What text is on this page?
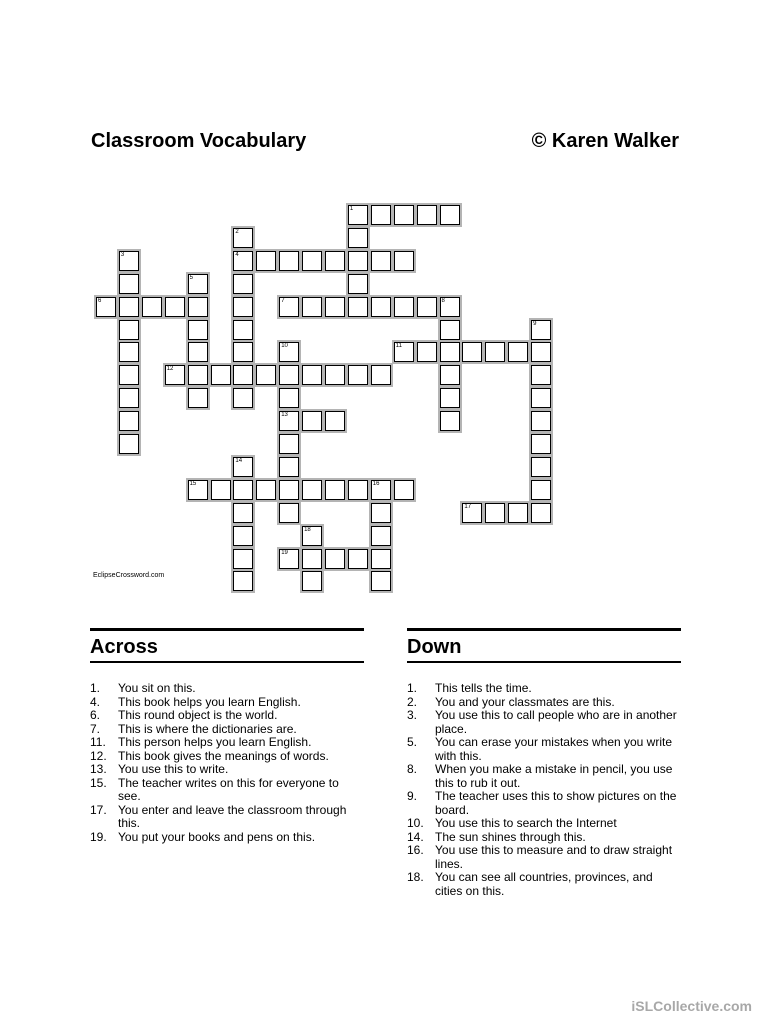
Classroom Vocabulary	© Karen Walker
1
2
4
3
5
6	7	8
9
10
13
11
12
14
15	16
17
18
19
EclipseCrossword.com
Across
1.	You sit on this.
4.	This book helps you learn English.
6.	This round object is the world.
7.	This is where the dictionaries are.
11.	This person helps you learn English.
12. This book gives the meanings of words.
13. You use this to write.
15. The teacher writes on this for everyone to see.
17. You enter and leave the classroom through this.
19. You put your books and pens on this.
Down
1.	This tells the time.
2.	You and your classmates are this.
3.	You use this to call people who are in another place.
5.	You can erase your mistakes when you write with this.
8.	When you make a mistake in pencil, you use this to rub it out.
9.	The teacher uses this to show pictures on the board.
10. You use this to search the Internet
14. The sun shines through this.
16. You use this to measure and to draw straight lines.
18. You can see all countries, provinces, and cities on this.
iSLCollective.com
